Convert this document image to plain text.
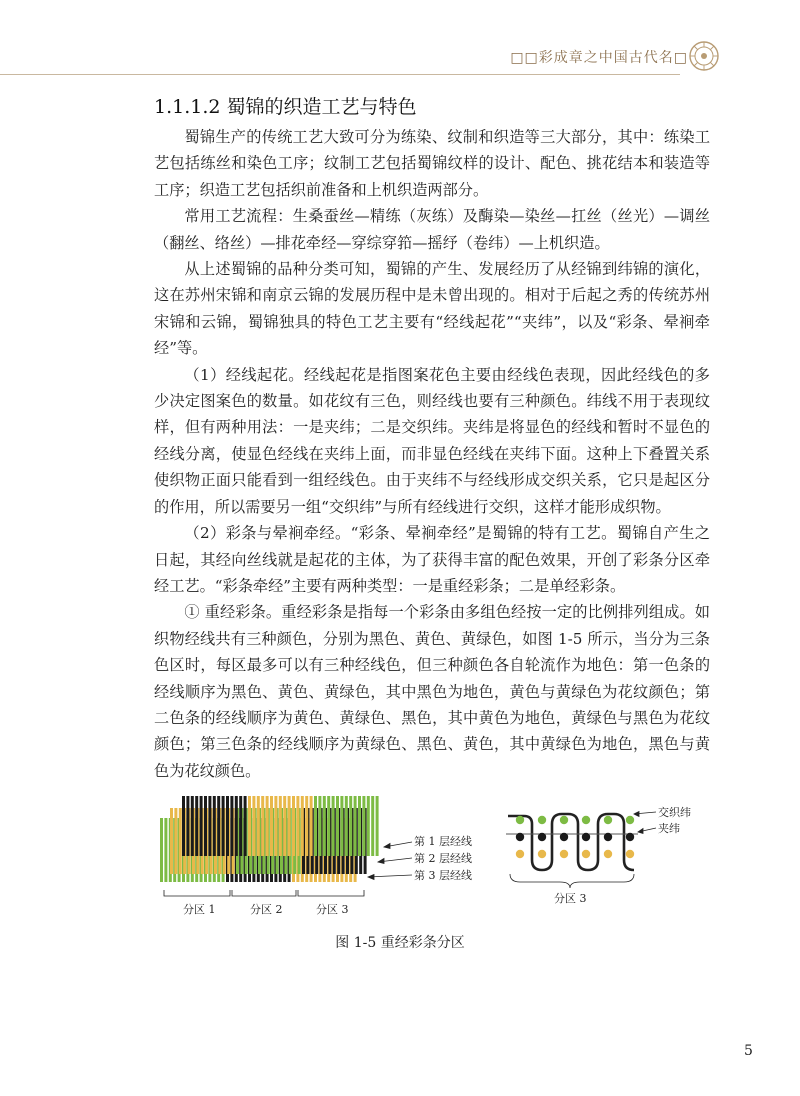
□□彩成章之中国古代名□
1.1.1.2 蜀锦的织造工艺与特色

蜀锦生产的传统工艺大致可分为练染、纹制和织造等三大部分，其中：练染工艺包括练丝和染色工序；纹制工艺包括蜀锦纹样的设计、配色、挑花结本和装造等工序；织造工艺包括织前准备和上机织造两部分。

常用工艺流程：生桑蚕丝—精练（灰练）及酶染—染丝—扛丝（丝光）—调丝（翻丝、络丝）—排花牵经—穿综穿筘—摇纾（卷纬）—上机织造。

从上述蜀锦的品种分类可知，蜀锦的产生、发展经历了从经锦到纬锦的演化，这在苏州宋锦和南京云锦的发展历程中是未曾出现的。相对于后起之秀的传统苏州宋锦和云锦，蜀锦独具的特色工艺主要有“经线起花”“夹纬”，以及“彩条、晕裥牵经”等。

（1）经线起花。经线起花是指图案花色主要由经线色表现，因此经线色的多少决定图案色的数量。如花纹有三色，则经线也要有三种颜色。纬线不用于表现纹样，但有两种用法：一是夹纬；二是交织纬。夹纬是将显色的经线和暂时不显色的经线分离，使显色经线在夹纬上面，而非显色经线在夹纬下面。这种上下叠置关系使织物正面只能看到一组经线色。由于夹纬不与经线形成交织关系，它只是起区分的作用，所以需要另一组“交织纬”与所有经线进行交织，这样才能形成织物。

（2）彩条与晕裥牵经。“彩条、晕裥牵经”是蜀锦的特有工艺。蜀锦自产生之日起，其经向丝线就是起花的主体，为了获得丰富的配色效果，开创了彩条分区牵经工艺。“彩条牵经”主要有两种类型：一是重经彩条；二是单经彩条。

① 重经彩条。重经彩条是指每一个彩条由多组色经按一定的比例排列组成。如织物经线共有三种颜色，分别为黑色、黄色、黄绿色，如图 1-5 所示，当分为三条色区时，每区最多可以有三种经线色，但三种颜色各自轮流作为地色：第一色条的经线顺序为黑色、黄色、黄绿色，其中黑色为地色，黄色与黄绿色为花纹颜色；第二色条的经线顺序为黄色、黄绿色、黑色，其中黄色为地色，黄绿色与黑色为花纹颜色；第三色条的经线顺序为黄绿色、黑色、黄色，其中黄绿色为地色，黑色与黄色为花纹颜色。

第 1 层经线
第 2 层经线
第 3 层经线
分区 1	分区 2	分区 3
交织纬
夹纬
分区 3
图 1-5 重经彩条分区
5
